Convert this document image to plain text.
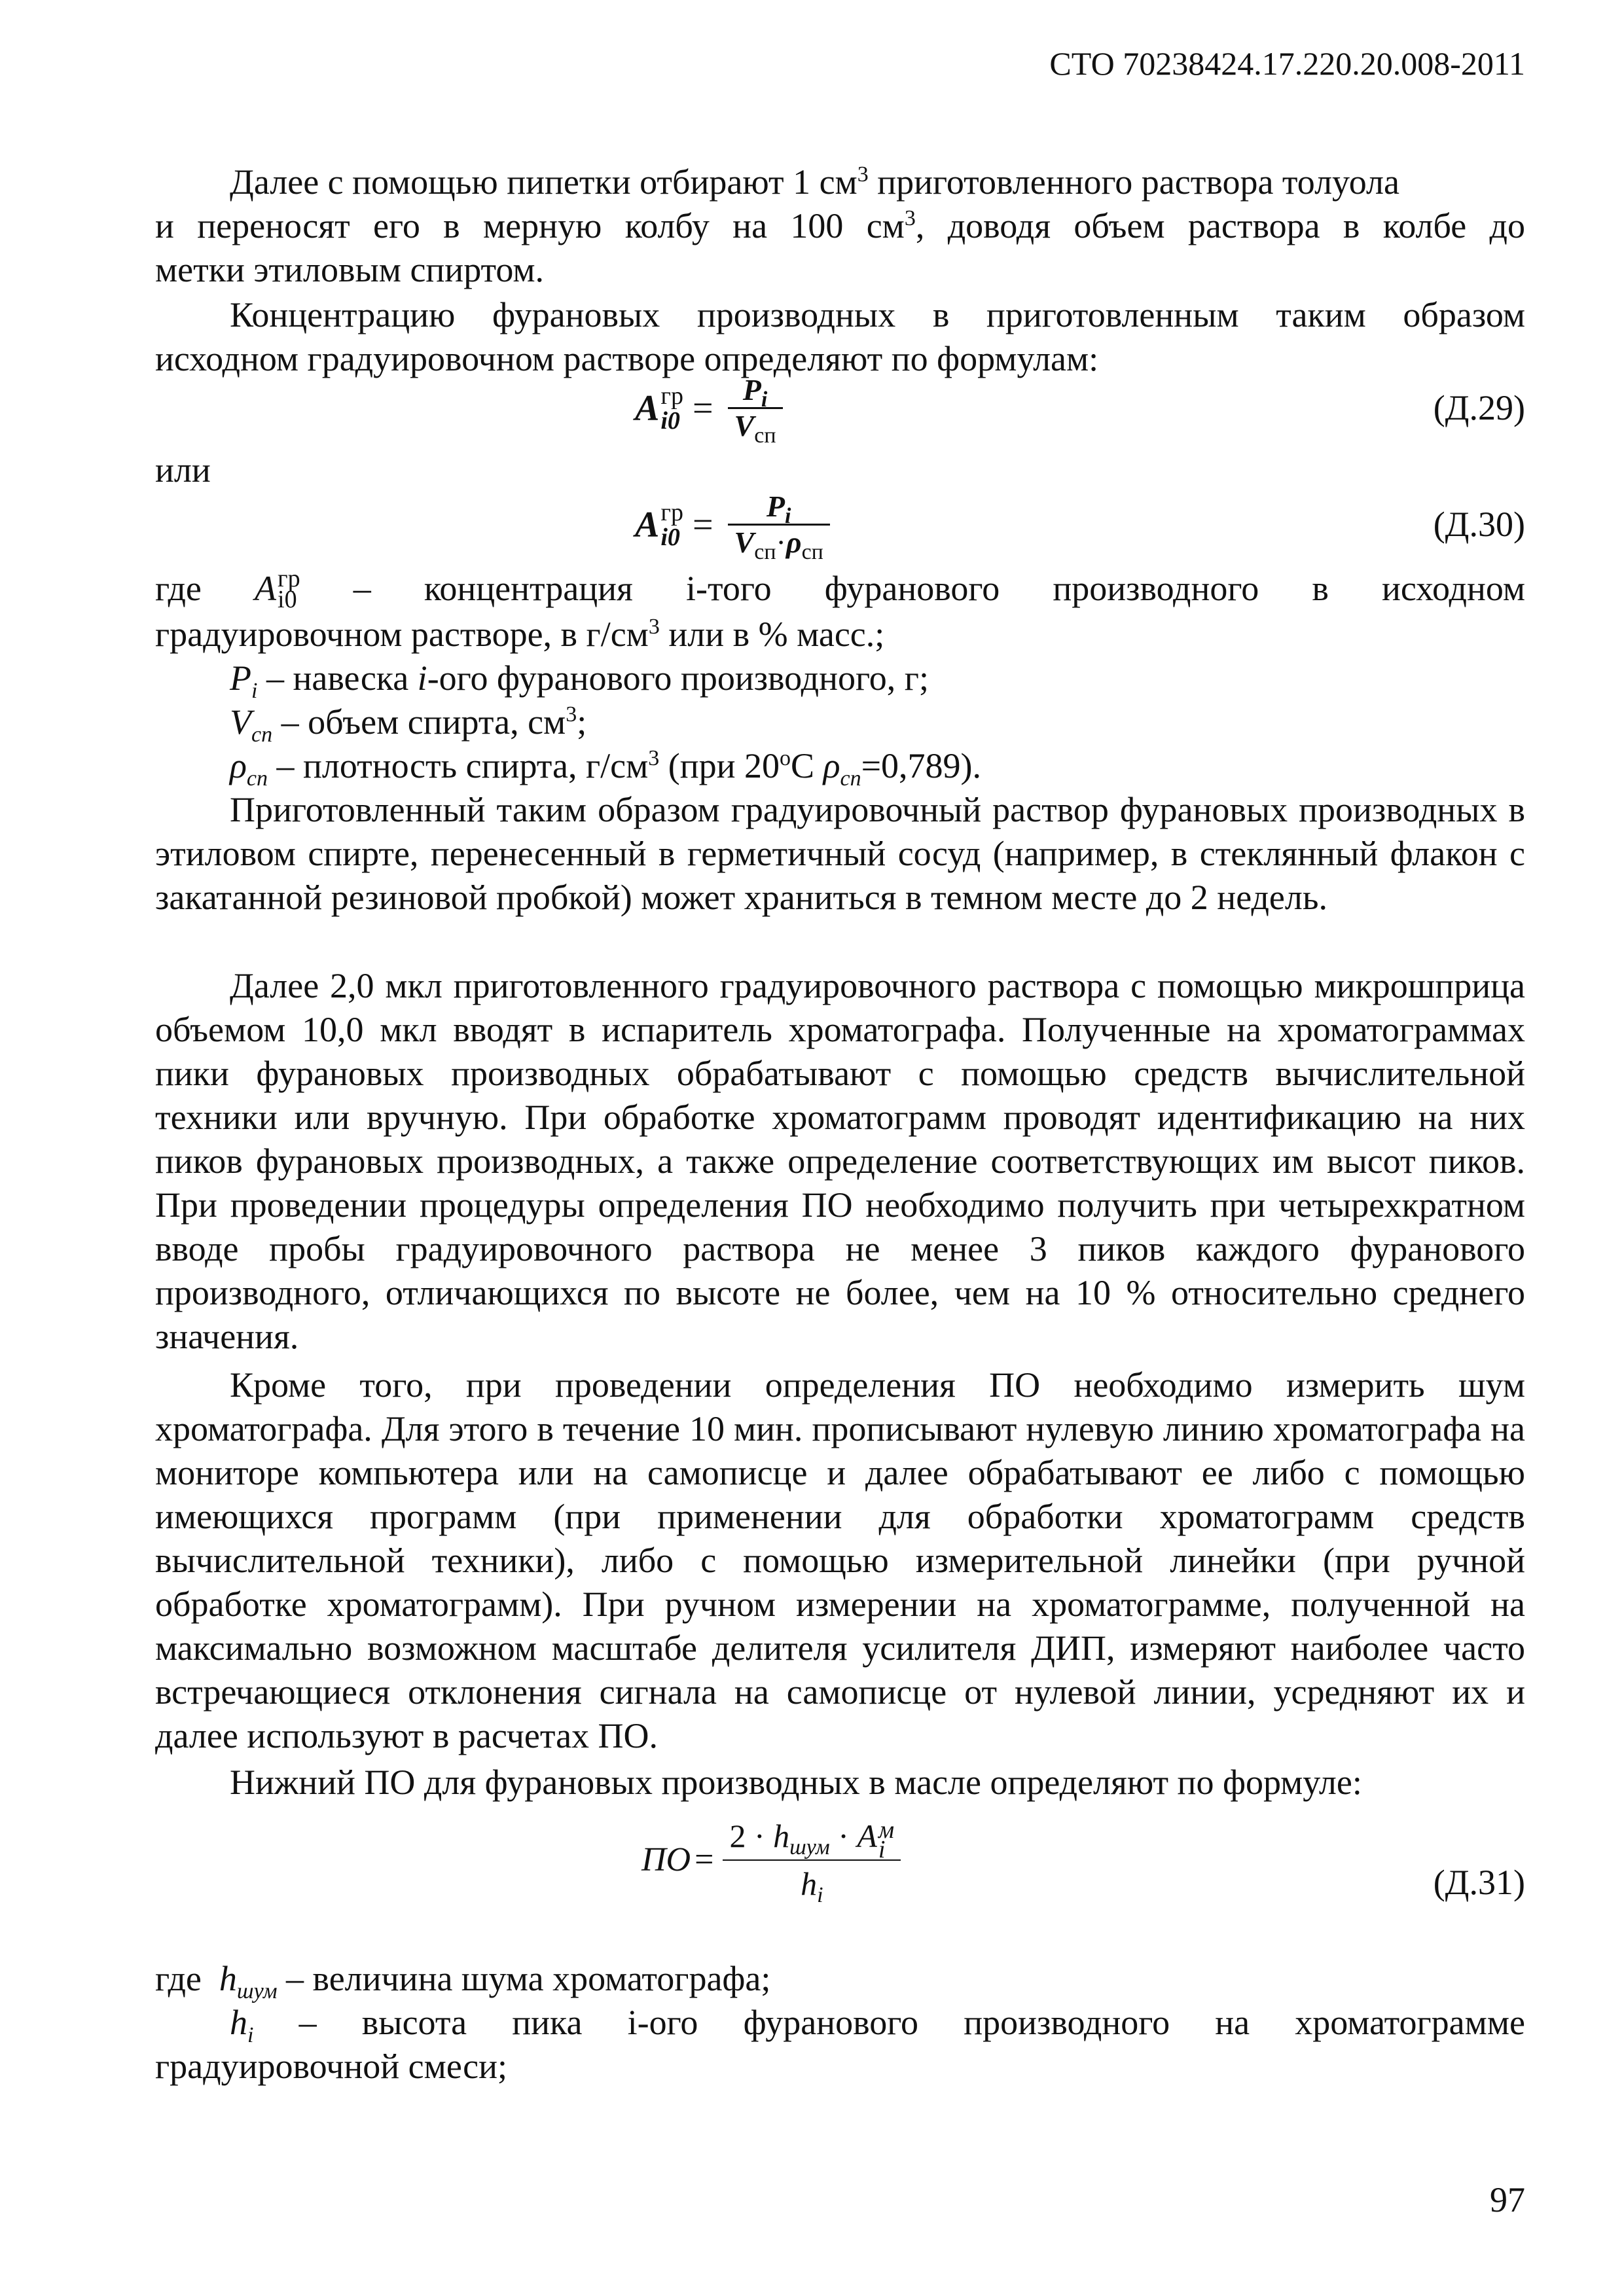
СТО 70238424.17.220.20.008-2011
Далее с помощью пипетки отбирают 1 $см^3$ приготовленного раствора толуола
и переносят его в мерную колбу на 100 $см^3$, доводя объем раствора в колбе до
метки этиловым спиртом.
Концентрацию фурановых производных в приготовленным таким образом
исходном градуировочном растворе определяют по формулам:
A гр
$i0 = \frac{P_i}{V_{сп}}$	(Д.29)
или
A гр
$i0 = \frac{P_i}{V_{сп}\cdot\rho_{сп}}$	(Д.30)
где A гр
i0 – концентрация i-того фуранового производного в исходном
градуировочном растворе, в $г/см^3$ или в % масс.;
$P_i$ – навеска i-ого фуранового производного, г;
$V_{сп}$ – объем спирта, $см^3$;
$\rho_{сп}$ – плотность спирта, $г/см^3$ (при 20$^o$С $\rho_{сп}=0,789$).
Приготовленный таким образом градуировочный раствор фурановых производных в этиловом спирте, перенесенный в герметичный сосуд (например, в стеклянный флакон с закатанной резиновой пробкой) может храниться в темном месте до 2 недель.
Далее 2,0 мкл приготовленного градуировочного раствора с помощью микрошприца объемом 10,0 мкл вводят в испаритель хроматографа. Полученные на хроматограммах пики фурановых производных обрабатывают с помощью средств вычислительной техники или вручную. При обработке хроматограмм проводят идентификацию на них пиков фурановых производных, а также определение соответствующих им высот пиков. При проведении процедуры определения ПО необходимо получить при четырехкратном вводе пробы градуировочного раствора не менее 3 пиков каждого фуранового производного, отличающихся по высоте не более, чем на 10 % относительно среднего значения.
Кроме того, при проведении определения ПО необходимо измерить шум хроматографа. Для этого в течение 10 мин. прописывают нулевую линию хроматографа на мониторе компьютера или на самописце и далее обрабатывают ее либо с помощью имеющихся программ (при применении для обработки хроматограмм средств вычислительной техники), либо с помощью измерительной линейки (при ручной обработке хроматограмм). При ручном измерении на хроматограмме, полученной на максимально возможном масштабе делителя усилителя ДИП, измеряют наиболее часто встречающиеся отклонения сигнала на самописце от нулевой линии, усредняют их и далее используют в расчетах ПО.
Нижний ПО для фурановых производных в масле определяют по формуле:
ПО = $2 \cdot h_{шум} \cdot A$ м
i
$h_i$	(Д.31)
где $h_{шум}$ – величина шума хроматографа;
$h_i$ – высота пика i-ого фуранового производного на хроматограмме
градуировочной смеси;
97
